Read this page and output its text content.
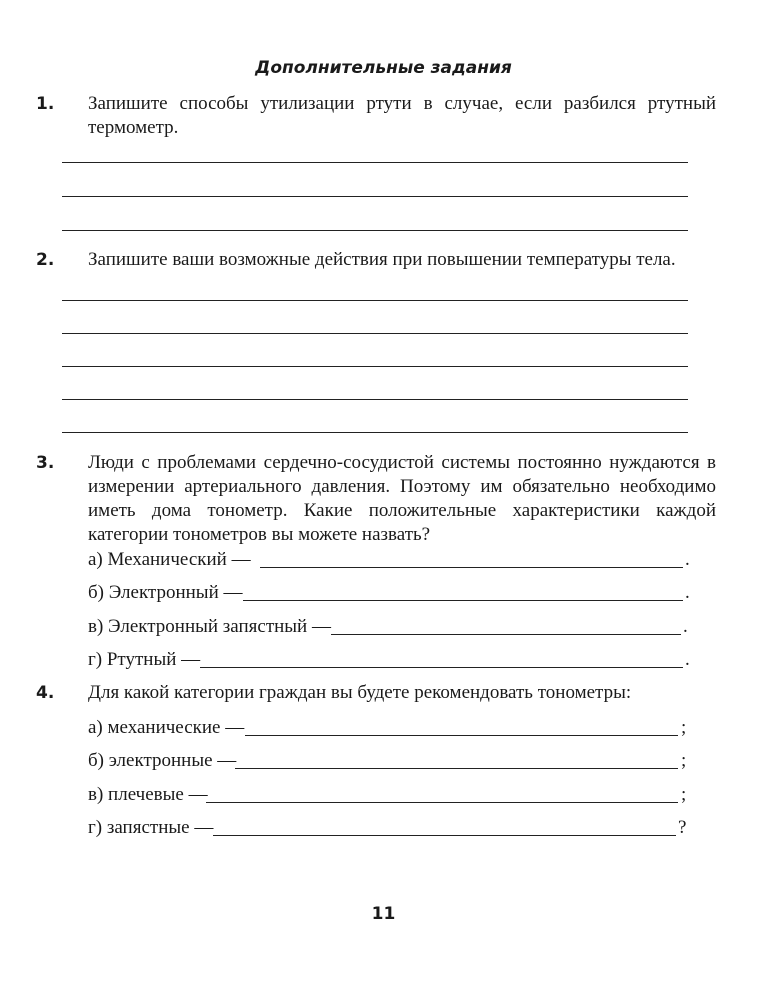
Дополнительные задания
1. Запишите способы утилизации ртути в случае, если разбился ртутный термометр.
2. Запишите ваши возможные действия при повышении температуры тела.
3. Люди с проблемами сердечно-сосудистой системы постоянно нуждаются в измерении артериального давления. Поэтому им обязательно необходимо иметь дома тонометр. Какие положительные характеристики каждой категории тонометров вы можете назвать?
а) Механический —	.
б) Электронный —	.
в) Электронный запястный —	.
г) Ртутный —	.
4. Для какой категории граждан вы будете рекомендовать тонометры:
а) механические —	;
б) электронные —	;
в) плечевые —	;
г) запястные —	?
11
